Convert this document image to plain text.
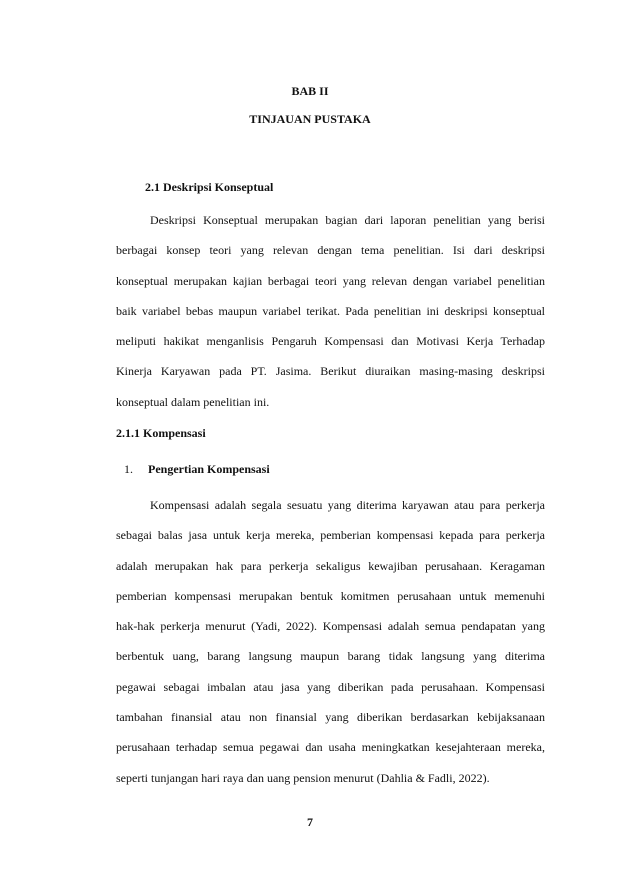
BAB II
TINJAUAN PUSTAKA
2.1 Deskripsi Konseptual
Deskripsi Konseptual merupakan bagian dari laporan penelitian yang berisi
berbagai konsep teori yang relevan dengan tema penelitian. Isi dari deskripsi
konseptual merupakan kajian berbagai teori yang relevan dengan variabel penelitian
baik variabel bebas maupun variabel terikat. Pada penelitian ini deskripsi konseptual
meliputi hakikat menganlisis Pengaruh Kompensasi dan Motivasi Kerja Terhadap
Kinerja Karyawan pada PT. Jasima. Berikut diuraikan masing-masing deskripsi
konseptual dalam penelitian ini.
2.1.1 Kompensasi
1. Pengertian Kompensasi
Kompensasi adalah segala sesuatu yang diterima karyawan atau para perkerja
sebagai balas jasa untuk kerja mereka, pemberian kompensasi kepada para perkerja
adalah merupakan hak para perkerja sekaligus kewajiban perusahaan. Keragaman
pemberian kompensasi merupakan bentuk komitmen perusahaan untuk memenuhi
hak-hak perkerja menurut (Yadi, 2022). Kompensasi adalah semua pendapatan yang
berbentuk uang, barang langsung maupun barang tidak langsung yang diterima
pegawai sebagai imbalan atau jasa yang diberikan pada perusahaan. Kompensasi
tambahan finansial atau non finansial yang diberikan berdasarkan kebijaksanaan
perusahaan terhadap semua pegawai dan usaha meningkatkan kesejahteraan mereka,
seperti tunjangan hari raya dan uang pension menurut (Dahlia & Fadli, 2022).
7
